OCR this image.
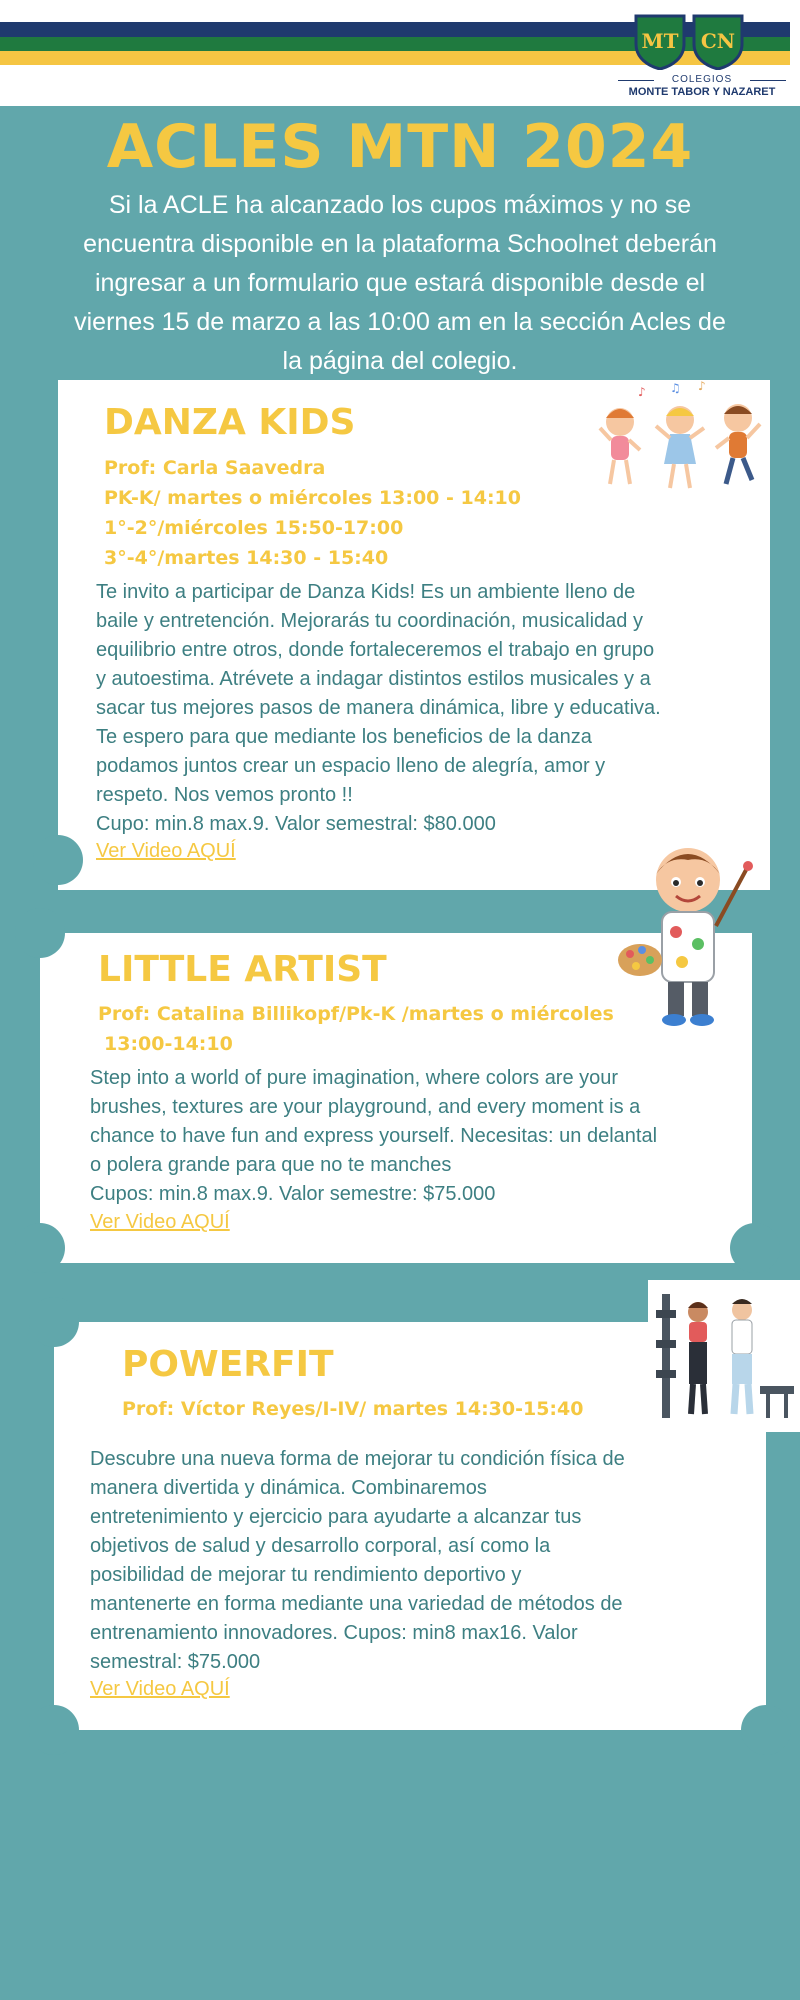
MT CN
COLEGIOS
MONTE TABOR Y NAZARET
ACLES MTN 2024
Si la ACLE ha alcanzado los cupos máximos y no se
encuentra disponible en la plataforma Schoolnet deberán
ingresar a un formulario que estará disponible desde el
viernes 15 de marzo a las 10:00 am en la sección Acles de
la página del colegio.
DANZA KIDS
Prof: Carla Saavedra
PK-K/ martes o miércoles 13:00 - 14:10
1°-2°/miércoles 15:50-17:00
3°-4°/martes 14:30 - 15:40
Te invito a participar de Danza Kids! Es un ambiente lleno de
baile y entretención. Mejorarás tu coordinación, musicalidad y
equilibrio entre otros, donde fortaleceremos el trabajo en grupo
y autoestima. Atrévete a indagar distintos estilos musicales y a
sacar tus mejores pasos de manera dinámica, libre y educativa.
Te espero para que mediante los beneficios de la danza
podamos juntos crear un espacio lleno de alegría, amor y
respeto. Nos vemos pronto !!
Cupo: min.8 max.9. Valor semestral: $80.000
Ver Video AQUÍ
♪ ♫ ♪
LITTLE ARTIST
Prof: Catalina Billikopf/Pk-K /martes o miércoles
13:00-14:10
Step into a world of pure imagination, where colors are your
brushes, textures are your playground, and every moment is a
chance to have fun and express yourself. Necesitas: un delantal
o polera grande para que no te manches
Cupos: min.8 max.9. Valor semestre: $75.000
Ver Video AQUÍ
POWERFIT
Prof: Víctor Reyes/I-IV/ martes 14:30-15:40
Descubre una nueva forma de mejorar tu condición física de
manera divertida y dinámica. Combinaremos
entretenimiento y ejercicio para ayudarte a alcanzar tus
objetivos de salud y desarrollo corporal, así como la
posibilidad de mejorar tu rendimiento deportivo y
mantenerte en forma mediante una variedad de métodos de
entrenamiento innovadores. Cupos: min8 max16. Valor
semestral: $75.000
Ver Video AQUÍ
